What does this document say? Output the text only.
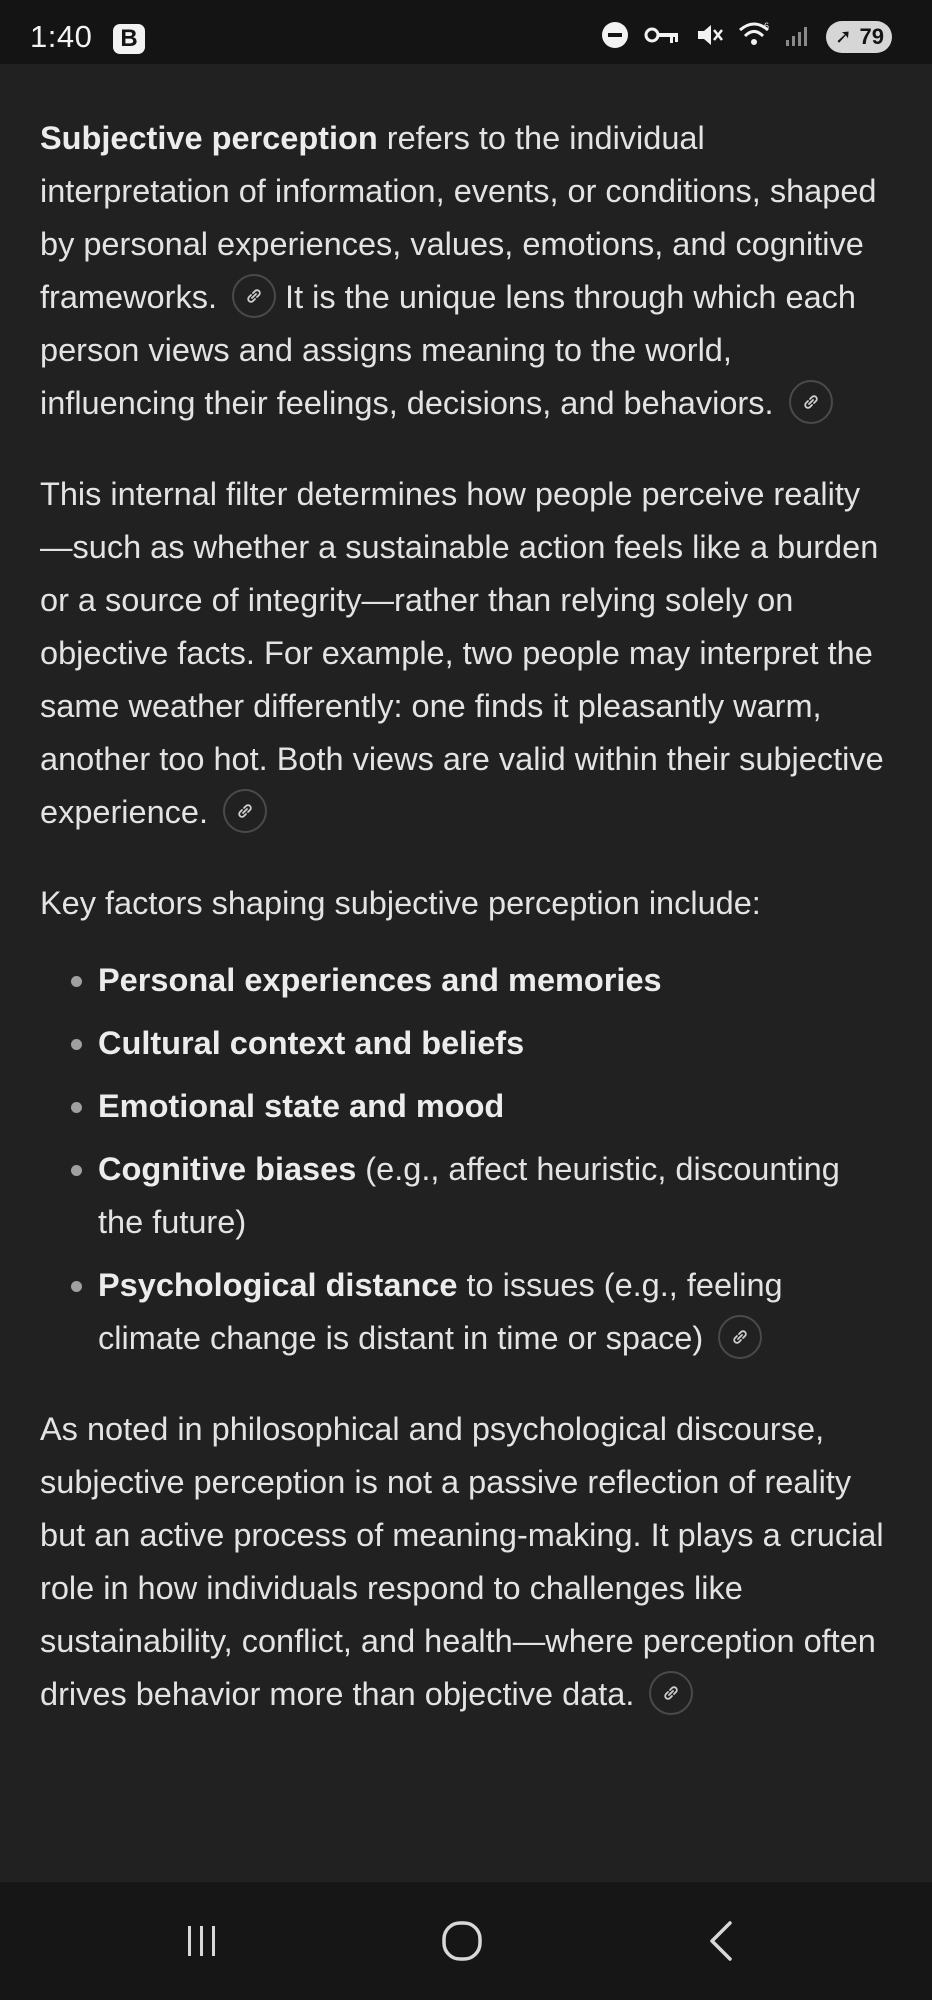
1:40	B	6
➚ 79

Subjective perception refers to the individual interpretation of information, events, or conditions, shaped by personal experiences, values, emotions, and cognitive frameworks.
It is the unique lens through which each person views and assigns meaning to the world, influencing their feelings, decisions, and behaviors.

This internal filter determines how people perceive reality—such as whether a sustainable action feels like a burden or a source of integrity—rather than relying solely on objective facts. For example, two people may interpret the same weather differently: one finds it pleasantly warm, another too hot. Both views are valid within their subjective experience.

Key factors shaping subjective perception include:

Personal experiences and memories
Cultural context and beliefs
Emotional state and mood
Cognitive biases (e.g., affect heuristic, discounting the future)
Psychological distance to issues (e.g., feeling climate change is distant in time or space)

As noted in philosophical and psychological discourse, subjective perception is not a passive reflection of reality but an active process of meaning-making. It plays a crucial role in how individuals respond to challenges like sustainability, conflict, and health—where perception often drives behavior more than objective data.
